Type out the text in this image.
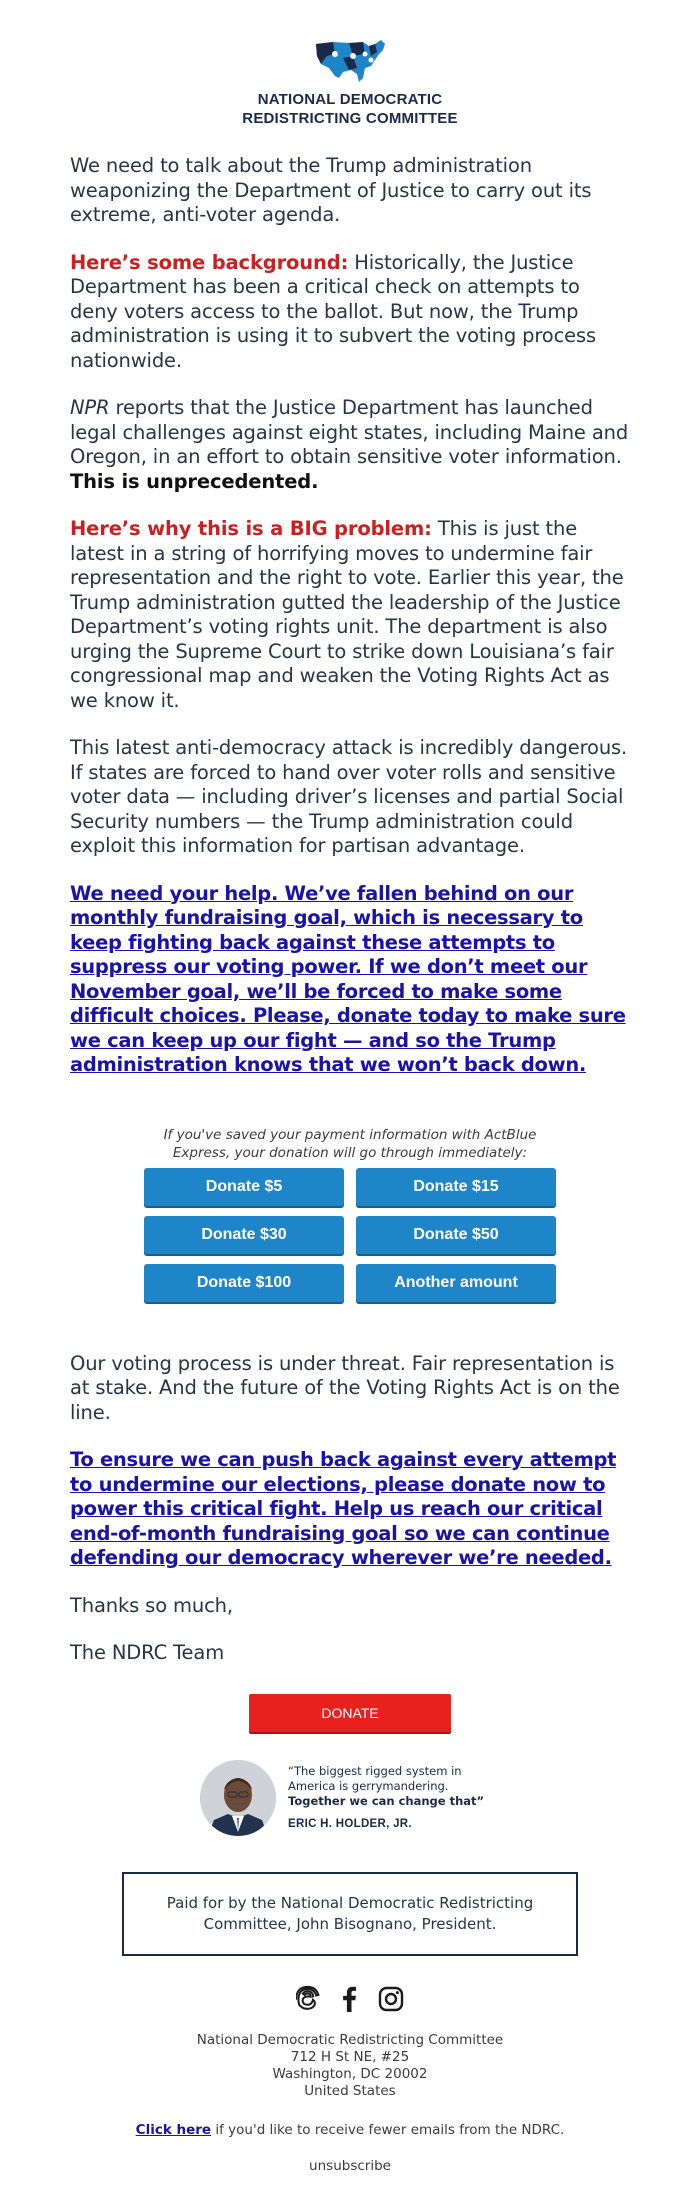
NATIONAL DEMOCRATIC
REDISTRICTING COMMITTEE

We need to talk about the Trump administration weaponizing the Department of Justice to carry out its extreme, anti-voter agenda.

Here’s some background: Historically, the Justice Department has been a critical check on attempts to deny voters access to the ballot. But now, the Trump administration is using it to subvert the voting process nationwide.

NPR reports that the Justice Department has launched legal challenges against eight states, including Maine and Oregon, in an effort to obtain sensitive voter information. This is unprecedented.

Here’s why this is a BIG problem: This is just the latest in a string of horrifying moves to undermine fair representation and the right to vote. Earlier this year, the Trump administration gutted the leadership of the Justice Department’s voting rights unit. The department is also urging the Supreme Court to strike down Louisiana’s fair congressional map and weaken the Voting Rights Act as we know it.

This latest anti-democracy attack is incredibly dangerous. If states are forced to hand over voter rolls and sensitive voter data — including driver’s licenses and partial Social Security numbers — the Trump administration could exploit this information for partisan advantage.

We need your help. We’ve fallen behind on our monthly fundraising goal, which is necessary to keep fighting back against these attempts to suppress our voting power. If we don’t meet our November goal, we’ll be forced to make some difficult choices. Please, donate today to make sure we can keep up our fight — and so the Trump administration knows that we won’t back down.

If you've saved your payment information with ActBlue Express, your donation will go through immediately:
Donate $5	Donate $15
Donate $30	Donate $50
Donate $100	Another amount

Our voting process is under threat. Fair representation is at stake. And the future of the Voting Rights Act is on the line.

To ensure we can push back against every attempt to undermine our elections, please donate now to power this critical fight. Help us reach our critical end-of-month fundraising goal so we can continue defending our democracy wherever we’re needed.

Thanks so much,

The NDRC Team

DONATE
“The biggest rigged system in
America is gerrymandering.
Together we can change that”
ERIC H. HOLDER, JR.
Paid for by the National Democratic Redistricting Committee, John Bisognano, President.

National Democratic Redistricting Committee
712 H St NE, #25
Washington, DC 20002
United States
Click here if you'd like to receive fewer emails from the NDRC.
unsubscribe
